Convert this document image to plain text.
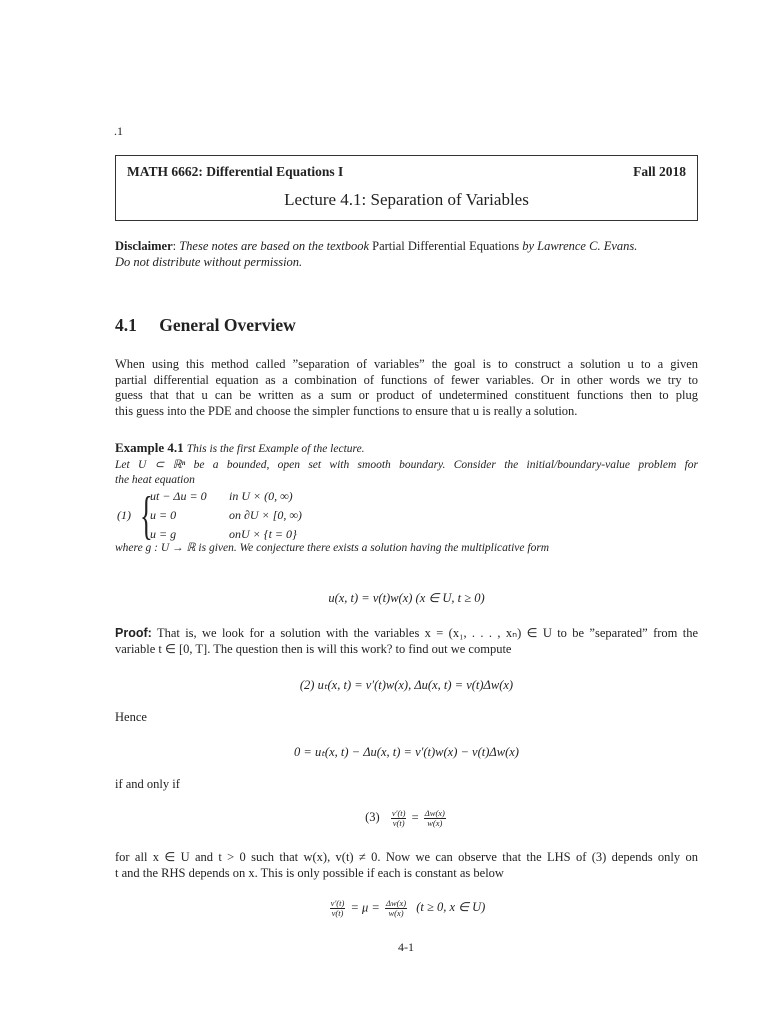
.1
MATH 6662: Differential Equations I	Fall 2018
Lecture 4.1: Separation of Variables
Disclaimer: These notes are based on the textbook Partial Differential Equations by Lawrence C. Evans.
Do not distribute without permission.
4.1 General Overview
When using this method called ”separation of variables” the goal is to construct a solution u to a given
partial differential equation as a combination of functions of fewer variables. Or in other words we try to
guess that that u can be written as a sum or product of undetermined constituent functions then to plug
this guess into the PDE and choose the simpler functions to ensure that u is really a solution.
Example 4.1 This is the first Example of the lecture.
Let U ⊂ ℝⁿ be a bounded, open set with smooth boundary. Consider the initial/boundary-value problem for
the heat equation
(1) {
ut − Δu = 0 in U × (0, ∞)
u = 0	on ∂U × [0, ∞)
u = g	onU × {t = 0}
where g : U → ℝ is given. We conjecture there exists a solution having the multiplicative form
u(x, t) = v(t)w(x) (x ∈ U, t ≥ 0)
Proof: That is, we look for a solution with the variables x = (x₁, . . . , xₙ) ∈ U to be ”separated” from the
variable t ∈ [0, T]. The question then is will this work? to find out we compute
(2) uₜ(x, t) = v′(t)w(x), Δu(x, t) = v(t)Δw(x)
Hence
0 = uₜ(x, t) − Δu(x, t) = v′(t)w(x) − v(t)Δw(x)
if and only if
$(3) \frac{v'(t)}{v(t)} = \frac{\Delta w(x)}{w(x)}$
for all x ∈ U and t > 0 such that w(x), v(t) ≠ 0. Now we can observe that the LHS of (3) depends only on
t and the RHS depends on x. This is only possible if each is constant as below
$\frac{v'(t)}{v(t)} = \mu = \frac{\Delta w(x)}{w(x)} (t \ge 0$, x ∈ U)
4-1
